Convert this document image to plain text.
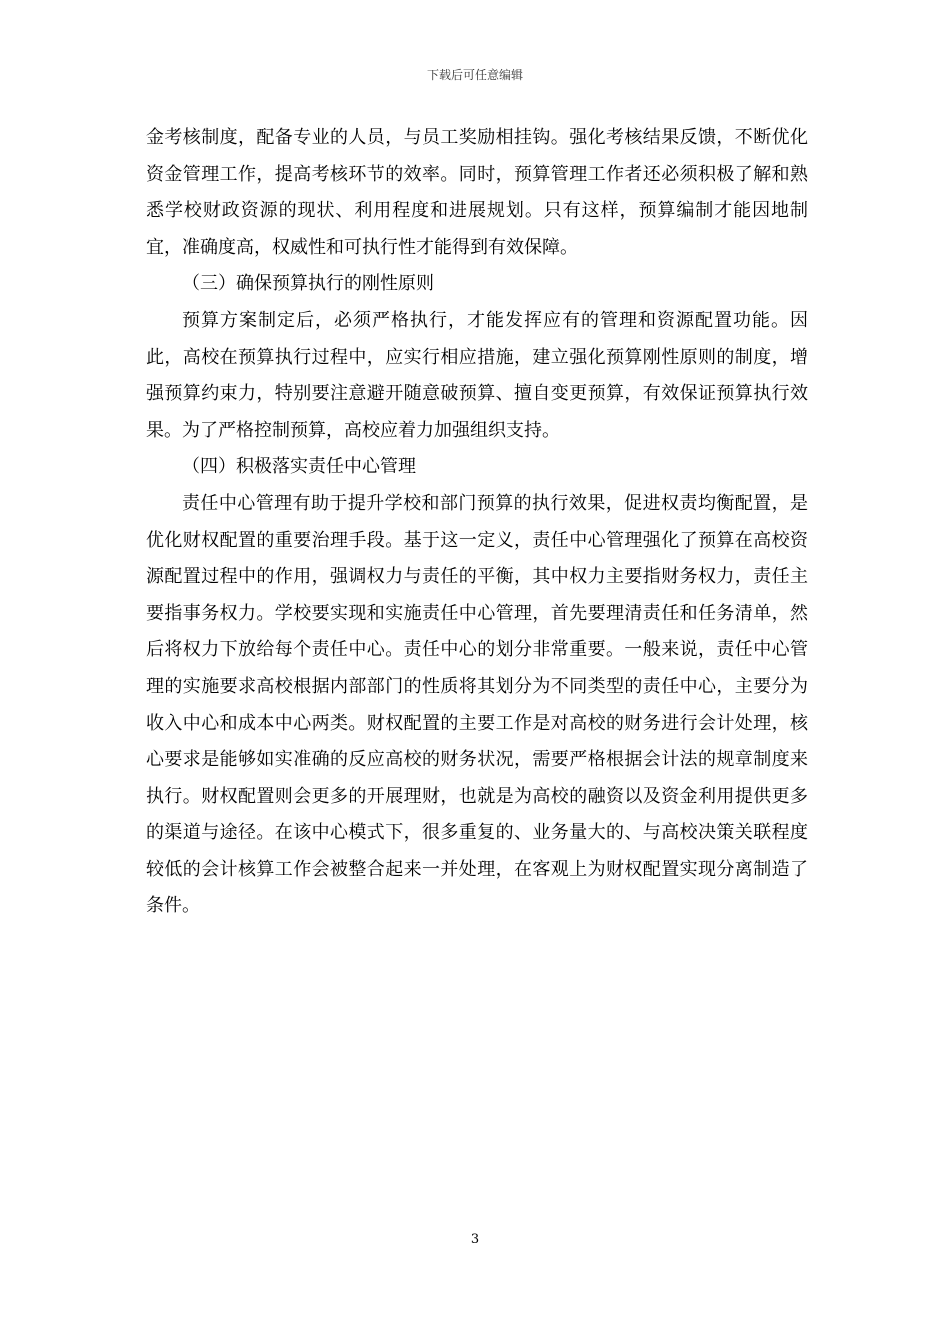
下载后可任意编辑

金考核制度，配备专业的人员，与员工奖励相挂钩。强化考核结果反馈，不断优化资金管理工作，提高考核环节的效率。同时，预算管理工作者还必须积极了解和熟悉学校财政资源的现状、利用程度和进展规划。只有这样，预算编制才能因地制宜，准确度高，权威性和可执行性才能得到有效保障。

（三）确保预算执行的刚性原则

预算方案制定后，必须严格执行，才能发挥应有的管理和资源配置功能。因此，高校在预算执行过程中，应实行相应措施，建立强化预算刚性原则的制度，增强预算约束力，特别要注意避开随意破预算、擅自变更预算，有效保证预算执行效果。为了严格控制预算，高校应着力加强组织支持。

（四）积极落实责任中心管理

责任中心管理有助于提升学校和部门预算的执行效果，促进权责均衡配置，是优化财权配置的重要治理手段。基于这一定义，责任中心管理强化了预算在高校资源配置过程中的作用，强调权力与责任的平衡，其中权力主要指财务权力，责任主要指事务权力。学校要实现和实施责任中心管理，首先要理清责任和任务清单，然后将权力下放给每个责任中心。责任中心的划分非常重要。一般来说，责任中心管理的实施要求高校根据内部部门的性质将其划分为不同类型的责任中心，主要分为收入中心和成本中心两类。财权配置的主要工作是对高校的财务进行会计处理，核心要求是能够如实准确的反应高校的财务状况，需要严格根据会计法的规章制度来执行。财权配置则会更多的开展理财，也就是为高校的融资以及资金利用提供更多的渠道与途径。在该中心模式下，很多重复的、业务量大的、与高校决策关联程度较低的会计核算工作会被整合起来一并处理，在客观上为财权配置实现分离制造了条件。

3
